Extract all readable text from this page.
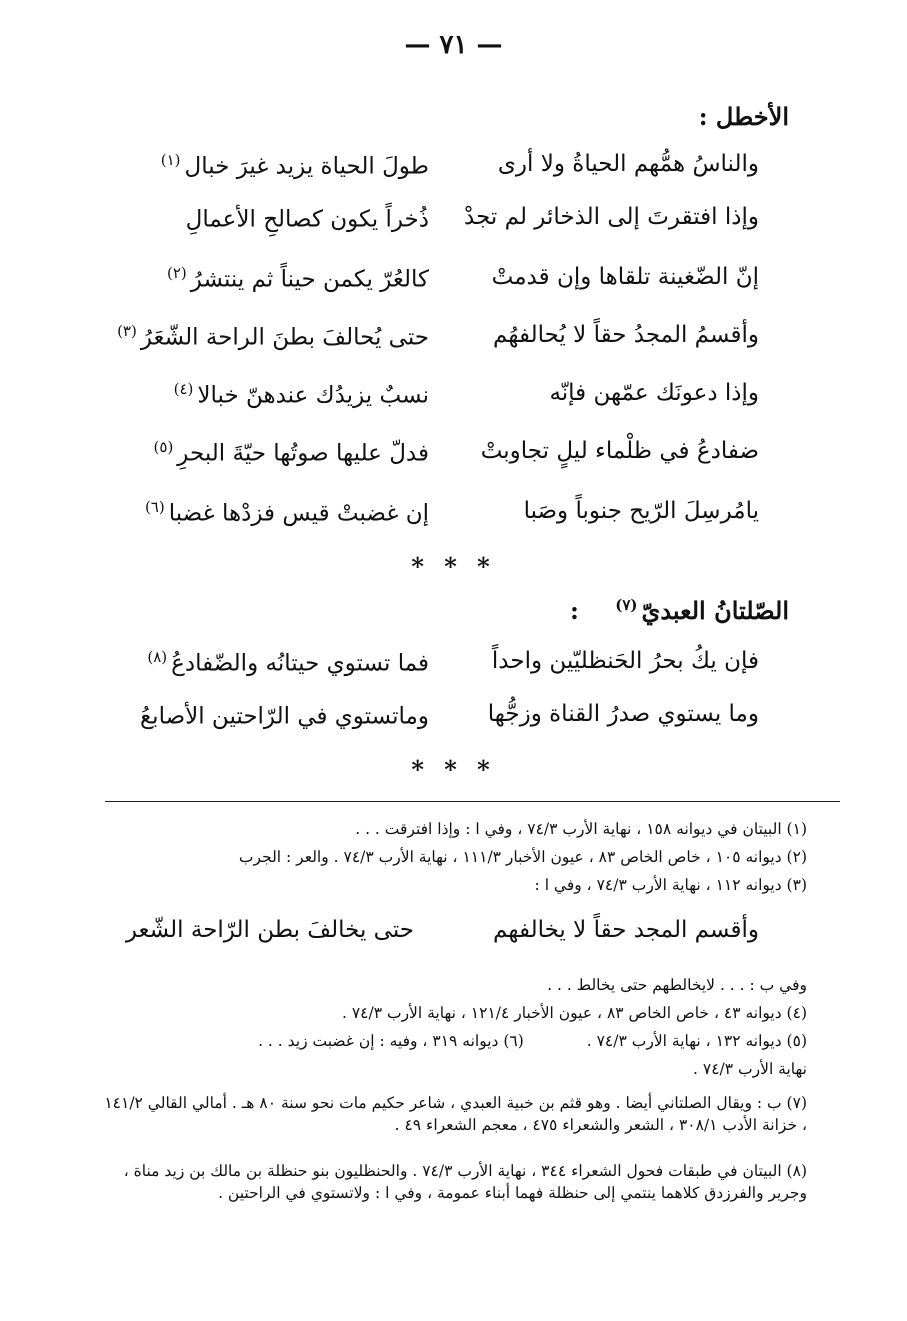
— ٧١ —
الأخطل :
والناسُ همُّهم الحياةُ ولا أرى
طولَ الحياة يزيد غيرَ خبال$^{(١)}$
وإذا افتقرتَ إلى الذخائر لم تجدْ
ذُخراً يكون كصالحِ الأعمالِ
إنّ الضّغينة تلقاها وإن قدمتْ
كالعُرّ يكمن حيناً ثم ينتشرُ$^{(٢)}$
وأقسمُ المجدُ حقاً لا يُحالفهُم
حتى يُحالفَ بطنَ الراحة الشّعَرُ$^{(٣)}$
وإذا دعونَك عمّهن فإنّه
نسبٌ يزيدُك عندهنّ خبالا$^{(٤)}$
ضفادعُ في ظلْماء ليلٍ تجاوبتْ
فدلّ عليها صوتُها حيّةَ البحرِ$^{(٥)}$
يامُرسِلَ الرّيح جنوباً وصَبا
إن غضبتْ قيس فزدْها غضبا$^{(٦)}$
* * *
الصّلتانُ العبديّ$^{(٧)}$ :
فإن يكُ بحرُ الحَنظليّين واحداً
فما تستوي حيتانُه والضّفادعُ$^{(٨)}$
وما يستوي صدرُ القناة وزجُّها
وماتستوي في الرّاحتين الأصابعُ
* * *
(١) البيتان في ديوانه ١٥٨ ، نهاية الأرب ٧٤/٣ ، وفي ا : وإذا افترقت . . .
(٢) ديوانه ١٠٥ ، خاص الخاص ٨٣ ، عيون الأخبار ١١١/٣ ، نهاية الأرب ٧٤/٣ . والعر : الجرب
(٣) ديوانه ١١٢ ، نهاية الأرب ٧٤/٣ ، وفي ا :
وأقسم المجد حقاً لا يخالفهم
حتى يخالفَ بطن الرّاحة الشّعر
وفي ب : . . . لايخالطهم حتى يخالط . . .
(٤) ديوانه ٤٣ ، خاص الخاص ٨٣ ، عيون الأخبار ١٢١/٤ ، نهاية الأرب ٧٤/٣ .
(٥) ديوانه ١٣٢ ، نهاية الأرب ٧٤/٣ . (٦) ديوانه ٣١٩ ، وفيه : إن غضبت زيد . . .
نهاية الأرب ٧٤/٣ .
(٧) ب : ويقال الصلتاني أيضا . وهو قثم بن خبية العبدي ، شاعر حكيم مات نحو سنة ٨٠ هـ . أمالي القالي ١٤١/٢ ، خزانة الأدب ٣٠٨/١ ، الشعر والشعراء ٤٧٥ ، معجم الشعراء ٤٩ .
(٨) البيتان في طبقات فحول الشعراء ٣٤٤ ، نهاية الأرب ٧٤/٣ . والحنظليون بنو حنظلة بن مالك بن زيد مناة ، وجرير والفرزدق كلاهما ينتمي إلى حنظلة فهما أبناء عمومة ، وفي ا : ولاتستوي في الراحتين .
